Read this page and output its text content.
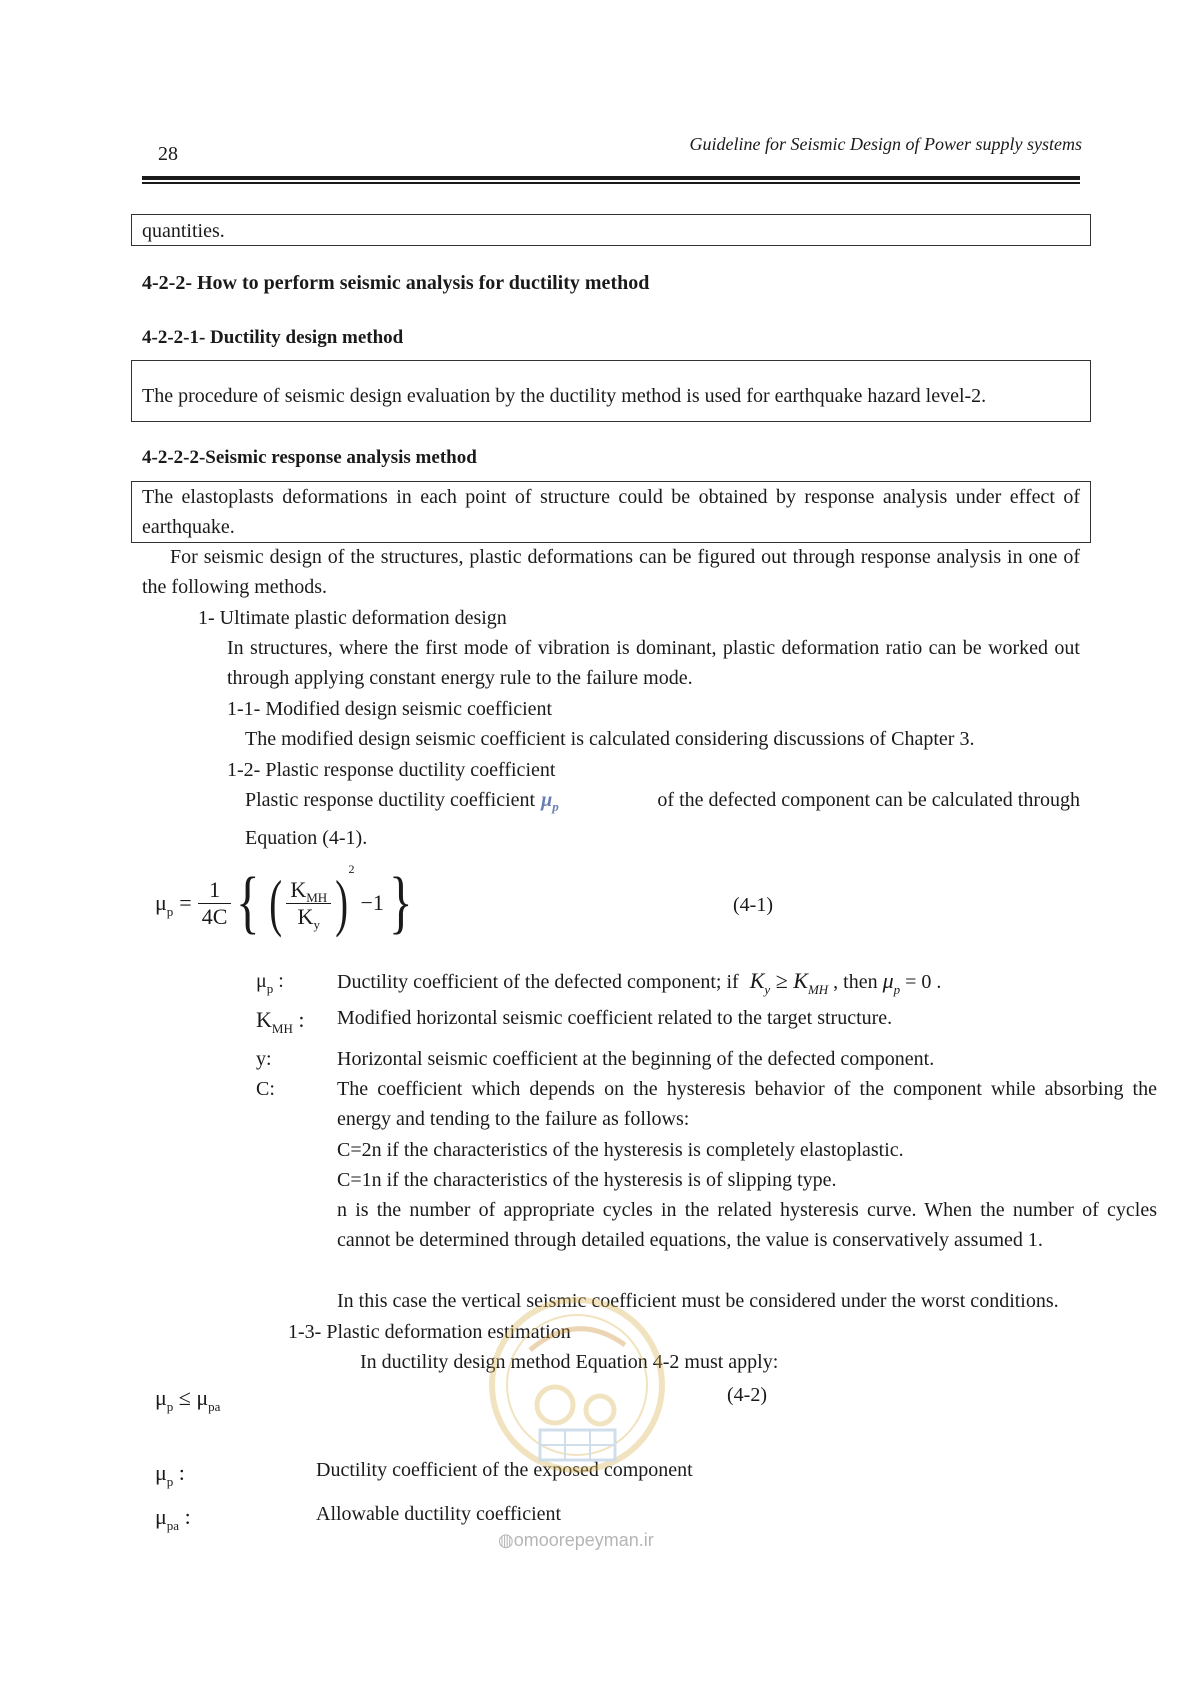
28	Guideline for Seismic Design of Power supply systems
quantities.
4-2-2- How to perform seismic analysis for ductility method
4-2-2-1- Ductility design method
The procedure of seismic design evaluation by the ductility method is used for earthquake hazard level-2.
4-2-2-2-Seismic response analysis method
The elastoplasts deformations in each point of structure could be obtained by response analysis under effect of earthquake.
For seismic design of the structures, plastic deformations can be figured out through response analysis in one of the following methods.
1- Ultimate plastic deformation design
In structures, where the first mode of vibration is dominant, plastic deformation ratio can be worked out through applying constant energy rule to the failure mode.
1-1- Modified design seismic coefficient
The modified design seismic coefficient is calculated considering discussions of Chapter 3.
1-2- Plastic response ductility coefficient
Plastic response ductility coefficient $\mu_p$	of the defected component can be calculated through
Equation (4-1).
$\mu_p = \frac{1}{4C}$ { ( $\frac{K_{MH}}{K_y}$ ) 2
−1 }	(4-1)
$\mu_p$ :	Ductility coefficient of the defected component; if $K_y \ge K_{MH}$ , then $\mu_p = 0$ .
$K_{MH}$ : Modified horizontal seismic coefficient related to the target structure.
y:	Horizontal seismic coefficient at the beginning of the defected component.
C:	The coefficient which depends on the hysteresis behavior of the component while absorbing the energy and tending to the failure as follows:
C=2n if the characteristics of the hysteresis is completely elastoplastic.
C=1n if the characteristics of the hysteresis is of slipping type.
n is the number of appropriate cycles in the related hysteresis curve. When the number of cycles cannot be determined through detailed equations, the value is conservatively assumed 1.
In this case the vertical seismic coefficient must be considered under the worst conditions.
1-3- Plastic deformation estimation
In ductility design method Equation 4-2 must apply:
$\mu_p \le \mu_{pa}$
(4-2)
$\mu_p$ :	Ductility coefficient of the exposed component
$\mu_{pa}$ :	Allowable ductility coefficient
◍omoorepeyman.ir
